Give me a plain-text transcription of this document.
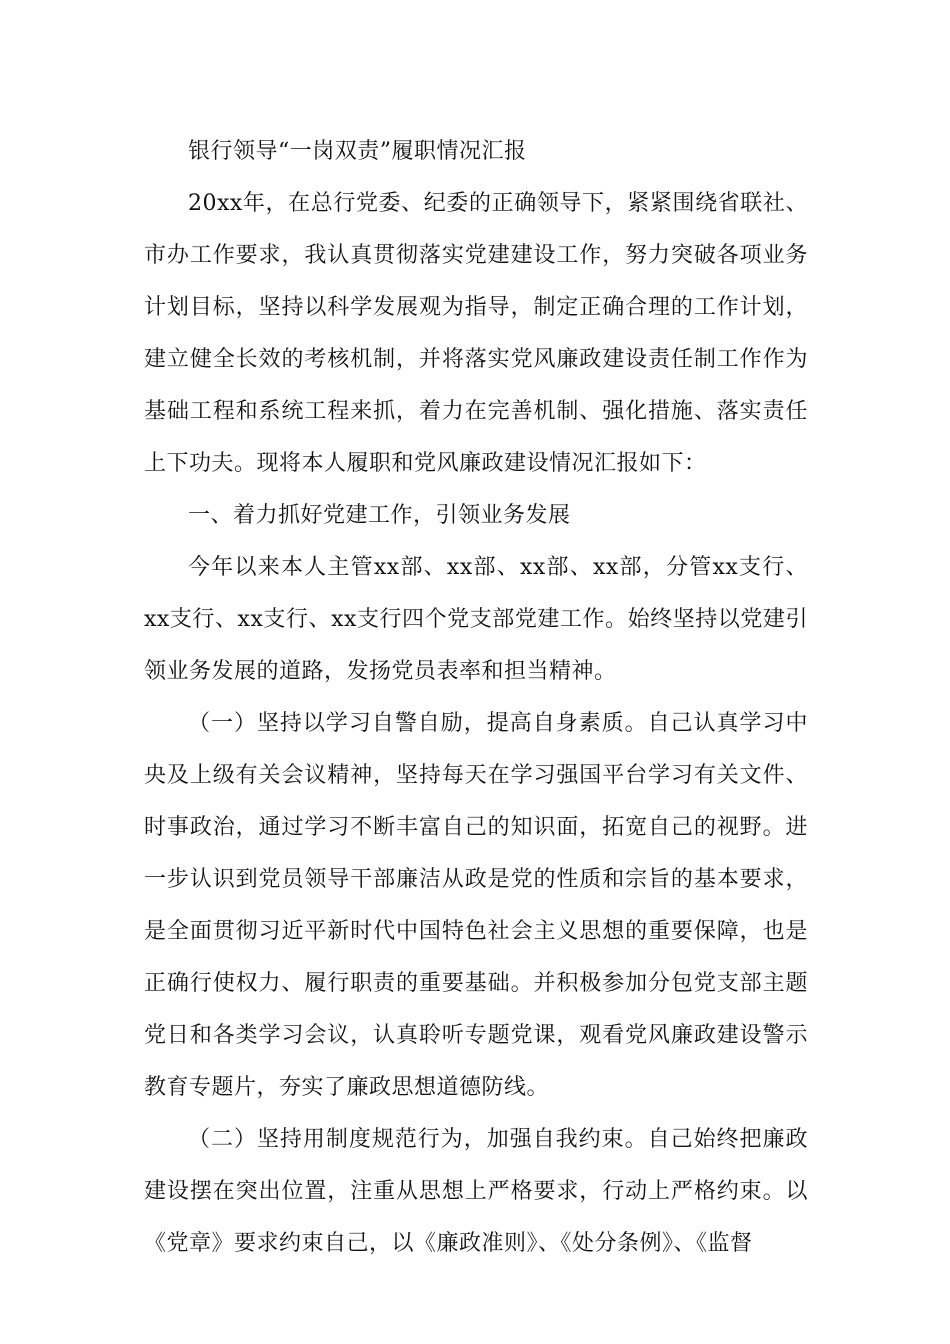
银行领导“一岗双责”履职情况汇报

20xx年，在总行党委、纪委的正确领导下，紧紧围绕省联社、市办工作要求，我认真贯彻落实党建建设工作，努力突破各项业务计划目标，坚持以科学发展观为指导，制定正确合理的工作计划，建立健全长效的考核机制，并将落实党风廉政建设责任制工作作为基础工程和系统工程来抓，着力在完善机制、强化措施、落实责任上下功夫。现将本人履职和党风廉政建设情况汇报如下：

一、着力抓好党建工作，引领业务发展

今年以来本人主管xx部、xx部、xx部、xx部，分管xx支行、xx支行、xx支行、xx支行四个党支部党建工作。始终坚持以党建引领业务发展的道路，发扬党员表率和担当精神。

（一）坚持以学习自警自励，提高自身素质。自己认真学习中央及上级有关会议精神，坚持每天在学习强国平台学习有关文件、时事政治，通过学习不断丰富自己的知识面，拓宽自己的视野。进一步认识到党员领导干部廉洁从政是党的性质和宗旨的基本要求，是全面贯彻习近平新时代中国特色社会主义思想的重要保障，也是正确行使权力、履行职责的重要基础。并积极参加分包党支部主题党日和各类学习会议，认真聆听专题党课，观看党风廉政建设警示教育专题片，夯实了廉政思想道德防线。

（二）坚持用制度规范行为，加强自我约束。自己始终把廉政建设摆在突出位置，注重从思想上严格要求，行动上严格约束。以《党章》要求约束自己，以《廉政准则》、《处分条例》、《监督
